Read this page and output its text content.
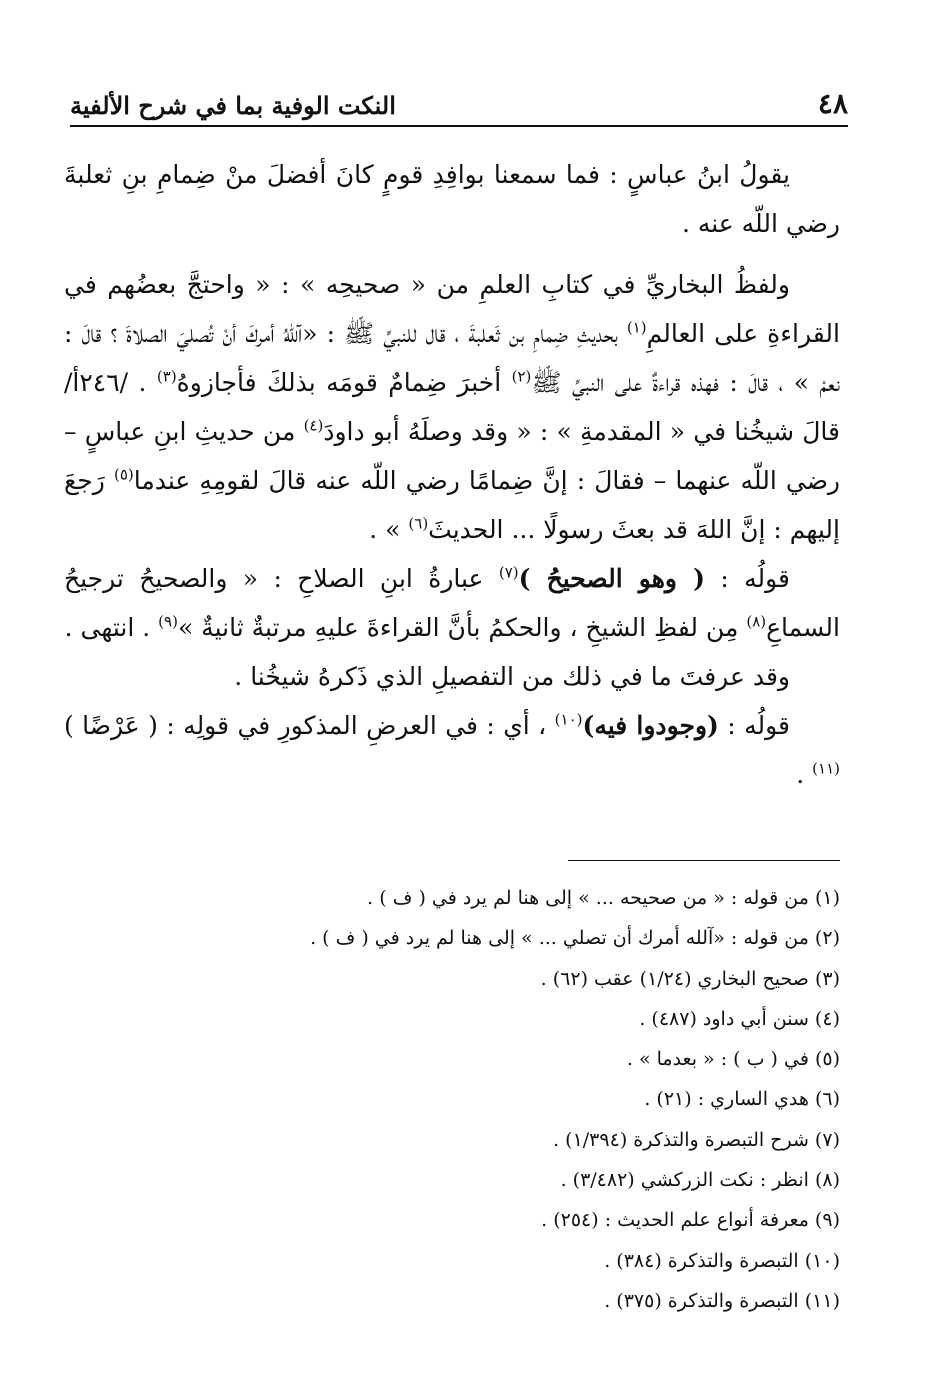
٤٨
النكت الوفية بما في شرح الألفية

يقولُ ابنُ عباسٍ : فما سمعنا بوافِدِ قومٍ كانَ أفضلَ منْ ضِمامِ بنِ ثعلبةَ رضي اللّه عنه .

ولفظُ البخاريِّ في كتابِ العلمِ من « صحيحِه » : « واحتجَّ بعضُهم في القراءةِ على العالمِ$^{(١)}$ بحديثِ ضِمامِ بن ثَعلبةَ ، قال للنبيِّ ﷺ : «آللهُ أمركَ أنْ تُصليَ الصلاةَ ؟ قالَ : نعمْ » ، قالَ : فهذه قراءةٌ على النبيِّ ﷺ$^{(٢)}$ أخبرَ ضِمامٌ قومَه بذلكَ فأجازوهُ$^{(٣)}$ . /٢٤٦أ/ قالَ شيخُنا في « المقدمةِ » : « وقد وصلَهُ أبو داودَ$^{(٤)}$ من حديثِ ابنِ عباسٍ – رضي اللّه عنهما – فقالَ : إنَّ ضِمامًا رضي اللّه عنه قالَ لقومِهِ عندما$^{(٥)}$ رَجعَ إليهم : إنَّ اللهَ قد بعثَ رسولًا ... الحديثَ$^{(٦)}$ » .

قولُه : ( وهو الصحيحُ )$^{(٧)}$ عبارةُ ابنِ الصلاحِ : « والصحيحُ ترجيحُ السماعِ$^{(٨)}$ مِن لفظِ الشيخِ ، والحكمُ بأنَّ القراءةَ عليهِ مرتبةٌ ثانيةٌ »$^{(٩)}$ . انتهى .

وقد عرفتَ ما في ذلك من التفصيلِ الذي ذَكرهُ شيخُنا .

قولُه : (وجودوا فيه)$^{(١٠)}$ ، أي : في العرضِ المذكورِ في قولِه : ( عَرْضًا )$^{(١١)}$ .

(١) من قوله : « من صحيحه ... » إلى هنا لم يرد في ( ف ) .
(٢) من قوله : «آلله أمرك أن تصلي ... » إلى هنا لم يرد في ( ف ) .
(٣) صحيح البخاري (١/٢٤) عقب (٦٢) .
(٤) سنن أبي داود (٤٨٧) .
(٥) في ( ب ) : « بعدما » .
(٦) هدي الساري : (٢١) .
(٧) شرح التبصرة والتذكرة (١/٣٩٤) .
(٨) انظر : نكت الزركشي (٣/٤٨٢) .
(٩) معرفة أنواع علم الحديث : (٢٥٤) .
(١٠) التبصرة والتذكرة (٣٨٤) .
(١١) التبصرة والتذكرة (٣٧٥) .
